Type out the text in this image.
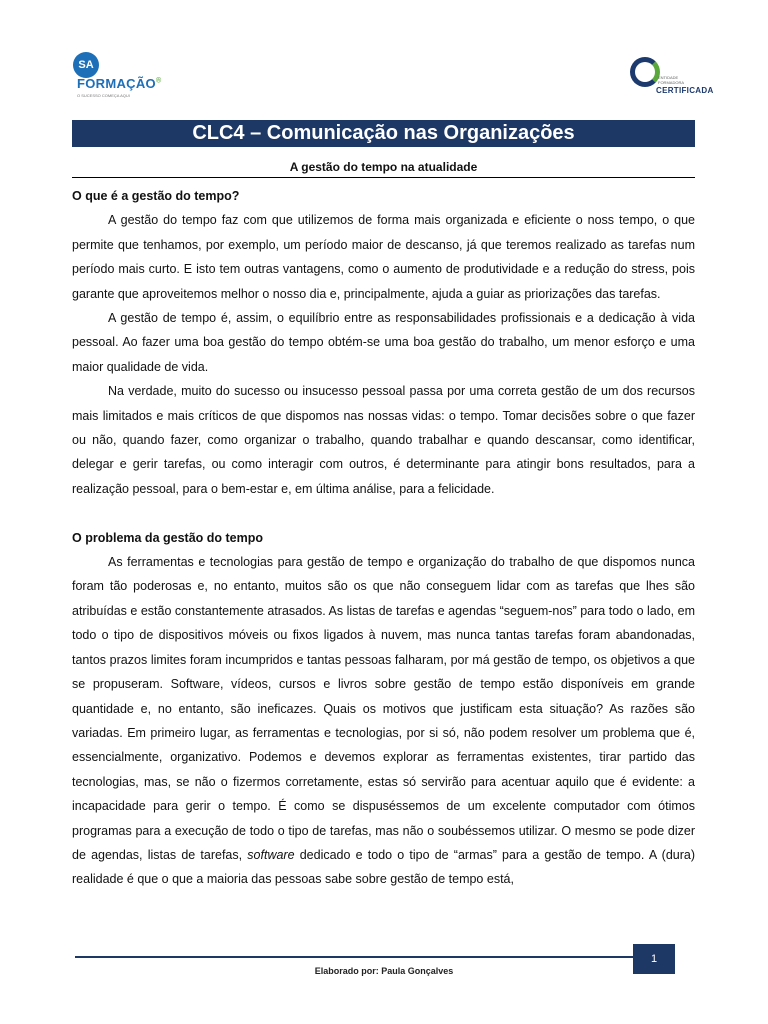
SA
FORMAÇÃO®
O SUCESSO COMEÇA AQUI
ENTIDADE FORMADORA
CERTIFICADA
CLC4 – Comunicação nas Organizações
A gestão do tempo na atualidade
O que é a gestão do tempo?

A gestão do tempo faz com que utilizemos de forma mais organizada e eficiente o noss tempo, o que permite que tenhamos, por exemplo, um período maior de descanso, já que teremos realizado as tarefas num período mais curto. E isto tem outras vantagens, como o aumento de produtividade e a redução do stress, pois garante que aproveitemos melhor o nosso dia e, principalmente, ajuda a guiar as priorizações das tarefas.

A gestão de tempo é, assim, o equilíbrio entre as responsabilidades profissionais e a dedicação à vida pessoal. Ao fazer uma boa gestão do tempo obtém-se uma boa gestão do trabalho, um menor esforço e uma maior qualidade de vida.

Na verdade, muito do sucesso ou insucesso pessoal passa por uma correta gestão de um dos recursos mais limitados e mais críticos de que dispomos nas nossas vidas: o tempo. Tomar decisões sobre o que fazer ou não, quando fazer, como organizar o trabalho, quando trabalhar e quando descansar, como identificar, delegar e gerir tarefas, ou como interagir com outros, é determinante para atingir bons resultados, para a realização pessoal, para o bem-estar e, em última análise, para a felicidade.

O problema da gestão do tempo

As ferramentas e tecnologias para gestão de tempo e organização do trabalho de que dispomos nunca foram tão poderosas e, no entanto, muitos são os que não conseguem lidar com as tarefas que lhes são atribuídas e estão constantemente atrasados. As listas de tarefas e agendas “seguem-nos” para todo o lado, em todo o tipo de dispositivos móveis ou fixos ligados à nuvem, mas nunca tantas tarefas foram abandonadas, tantos prazos limites foram incumpridos e tantas pessoas falharam, por má gestão de tempo, os objetivos a que se propuseram. Software, vídeos, cursos e livros sobre gestão de tempo estão disponíveis em grande quantidade e, no entanto, são ineficazes. Quais os motivos que justificam esta situação? As razões são variadas. Em primeiro lugar, as ferramentas e tecnologias, por si só, não podem resolver um problema que é, essencialmente, organizativo. Podemos e devemos explorar as ferramentas existentes, tirar partido das tecnologias, mas, se não o fizermos corretamente, estas só servirão para acentuar aquilo que é evidente: a incapacidade para gerir o tempo. É como se dispuséssemos de um excelente computador com ótimos programas para a execução de todo o tipo de tarefas, mas não o soubéssemos utilizar. O mesmo se pode dizer de agendas, listas de tarefas, software dedicado e todo o tipo de “armas” para a gestão de tempo. A (dura) realidade é que o que a maioria das pessoas sabe sobre gestão de tempo está,

1
Elaborado por: Paula Gonçalves
